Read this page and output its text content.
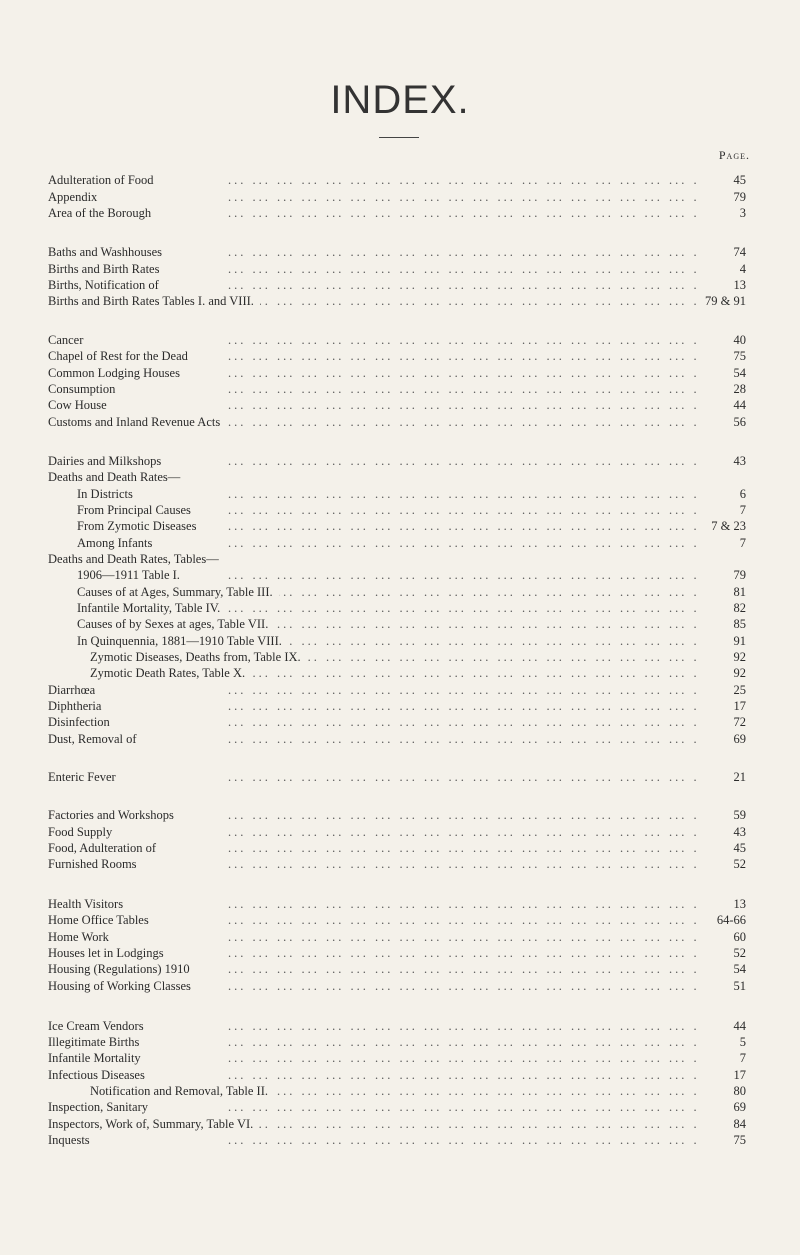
INDEX.
Page.
Adulteration of Food ... .	45
Appendix ... .	79
Area of the Borough ... .	3
Baths and Washhouses ... .	74
Births and Birth Rates ... .	4
Births, Notification of ... .	13
Births and Birth Rates Tables I. and VIII. ... .	79 & 91
Cancer ... .	40
Chapel of Rest for the Dead ... .	75
Common Lodging Houses ... .	54
Consumption ... .	28
Cow House ... .	44
Customs and Inland Revenue Acts ... .	56
Dairies and Milkshops ... .	43
Deaths and Death Rates—
In Districts ... .	6
From Principal Causes ... .	7
From Zymotic Diseases ... .	7 & 23
Among Infants ... .	7
Deaths and Death Rates, Tables—
1906—1911 Table I. ... .	79
Causes of at Ages, Summary, Table III. ... .	81
Infantile Mortality, Table IV. ... .	82
Causes of by Sexes at ages, Table VII. ... .	85
In Quinquennia, 1881—1910 Table VIII. ... .	91
Zymotic Diseases, Deaths from, Table IX. ... .	92
Zymotic Death Rates, Table X. ... .	92
Diarrhœa ... .	25
Diphtheria ... .	17
Disinfection ... .	72
Dust, Removal of ... .	69
Enteric Fever ... .	21
Factories and Workshops ... .	59
Food Supply ... .	43
Food, Adulteration of ... .	45
Furnished Rooms ... .	52
Health Visitors ... .	13
Home Office Tables ... .	64-66
Home Work ... .	60
Houses let in Lodgings ... .	52
Housing (Regulations) 1910 ... .	54
Housing of Working Classes ... .	51
Ice Cream Vendors ... .	44
Illegitimate Births ... .	5
Infantile Mortality ... .	7
Infectious Diseases ... .	17
Notification and Removal, Table II. ... .	80
Inspection, Sanitary ... .	69
Inspectors, Work of, Summary, Table VI. ... .	84
Inquests ... .	75
